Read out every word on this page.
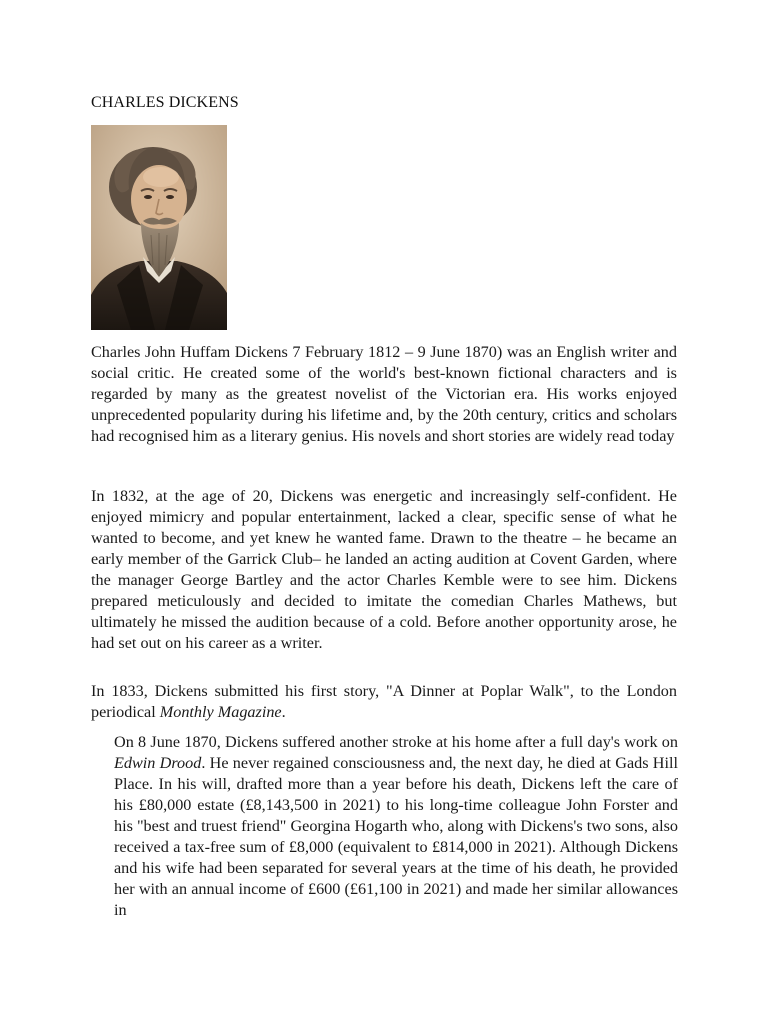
CHARLES DICKENS

Charles John Huffam Dickens 7 February 1812 – 9 June 1870) was an English writer and social critic. He created some of the world's best-known fictional characters and is regarded by many as the greatest novelist of the Victorian era. His works enjoyed unprecedented popularity during his lifetime and, by the 20th century, critics and scholars had recognised him as a literary genius. His novels and short stories are widely read today

In 1832, at the age of 20, Dickens was energetic and increasingly self-confident. He enjoyed mimicry and popular entertainment, lacked a clear, specific sense of what he wanted to become, and yet knew he wanted fame. Drawn to the theatre – he became an early member of the Garrick Club– he landed an acting audition at Covent Garden, where the manager George Bartley and the actor Charles Kemble were to see him. Dickens prepared meticulously and decided to imitate the comedian Charles Mathews, but ultimately he missed the audition because of a cold. Before another opportunity arose, he had set out on his career as a writer.

In 1833, Dickens submitted his first story, "A Dinner at Poplar Walk", to the London periodical Monthly Magazine.

On 8 June 1870, Dickens suffered another stroke at his home after a full day's work on Edwin Drood. He never regained consciousness and, the next day, he died at Gads Hill Place. In his will, drafted more than a year before his death, Dickens left the care of his £80,000 estate (£8,143,500 in 2021) to his long-time colleague John Forster and his "best and truest friend" Georgina Hogarth who, along with Dickens's two sons, also received a tax-free sum of £8,000 (equivalent to £814,000 in 2021). Although Dickens and his wife had been separated for several years at the time of his death, he provided her with an annual income of £600 (£61,100 in 2021) and made her similar allowances in
